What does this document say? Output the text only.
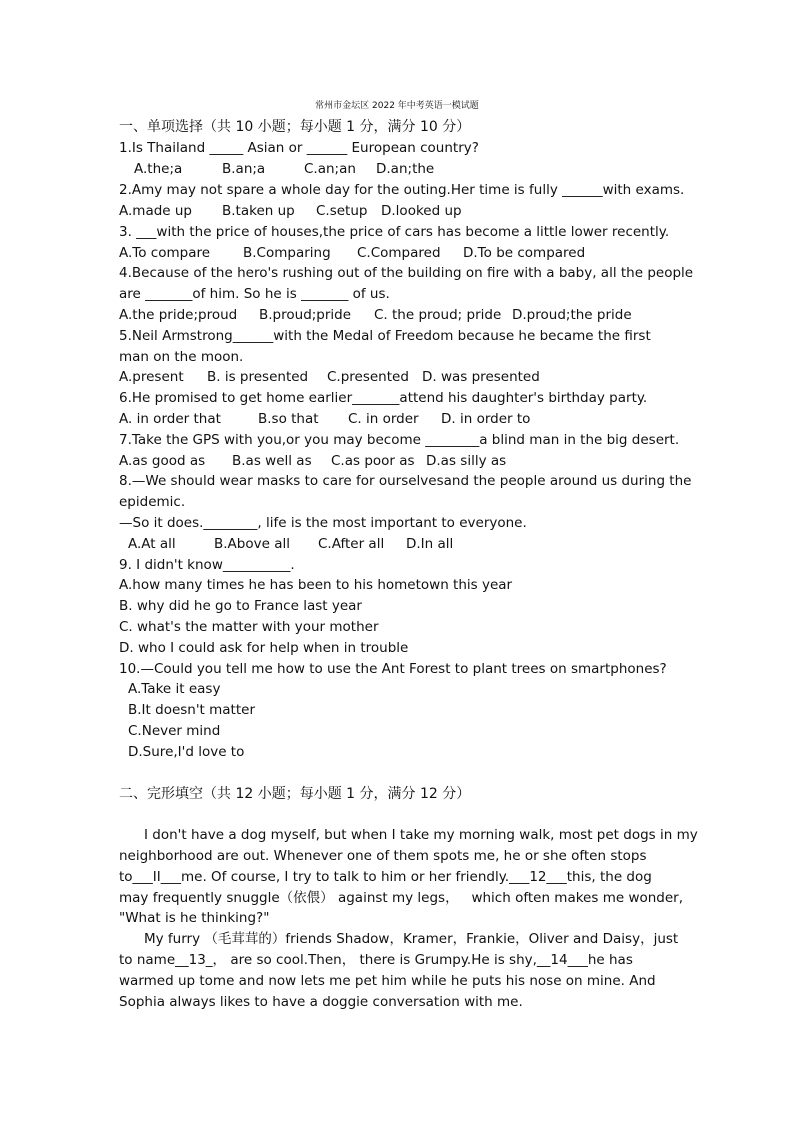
常州市金坛区 2022 年中考英语一模试题
一、单项选择（共 10 小题；每小题 1 分，满分 10 分）
1.Is Thailand _____ Asian or ______ European country?
A.the;a	B.an;a	C.an;an D.an;the
2.Amy may not spare a whole day for the outing.Her time is fully ______with exams.
A.made up B.taken up C.setup D.looked up
3. ___with the price of houses,the price of cars has become a little lower recently.
A.To compare B.Comparing C.Compared D.To be compared
4.Because of the hero's rushing out of the building on fire with a baby, all the people
are _______of him. So he is _______ of us.
A.the pride;proud B.proud;pride C. the proud; pride D.proud;the pride
5.Neil Armstrong______with the Medal of Freedom because he became the first
man on the moon.
A.present B. is presented C.presented D. was presented
6.He promised to get home earlier_______attend his daughter's birthday party.
A. in order that	B.so that C. in order D. in order to
7.Take the GPS with you,or you may become ________a blind man in the big desert.
A.as good as B.as well as C.as poor as D.as silly as
8.—We should wear masks to care for ourselvesand the people around us during the
epidemic.
—So it does.________, life is the most important to everyone.
A.At all	B.Above all C.After all D.In all
9. I didn't know__________.
A.how many times he has been to his hometown this year
B. why did he go to France last year
C. what's the matter with your mother
D. who I could ask for help when in trouble
10.—Could you tell me how to use the Ant Forest to plant trees on smartphones?
A.Take it easy
B.It doesn't matter
C.Never mind
D.Sure,I'd love to
二、完形填空（共 12 小题；每小题 1 分，满分 12 分）
I don't have a dog myself, but when I take my morning walk, most pet dogs in my
neighborhood are out. Whenever one of them spots me, he or she often stops
to___II___me. Of course, I try to talk to him or her friendly.___12___this, the dog
may frequently snuggle（依偎） against my legs，   which often makes me wonder,
"What is he thinking?"
My furry （毛茸茸的）friends Shadow，Kramer，Frankie，Oliver and Daisy，just
to name__13_， are so cool.Then， there is Grumpy.He is shy,__14___he has
warmed up tome and now lets me pet him while he puts his nose on mine. And
Sophia always likes to have a doggie conversation with me.
